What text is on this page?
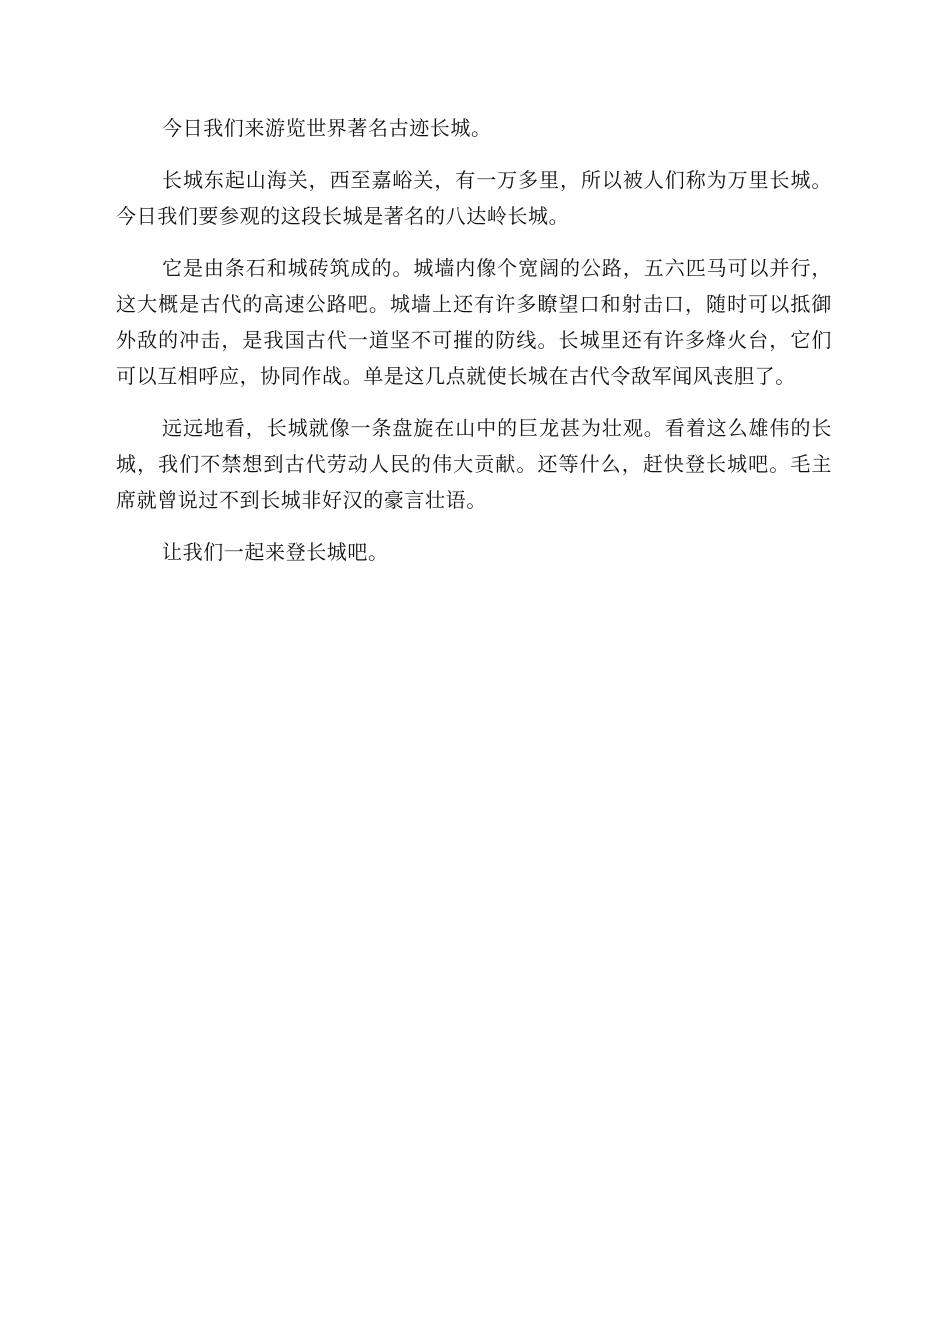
今日我们来游览世界著名古迹长城。

长城东起山海关，西至嘉峪关，有一万多里，所以被人们称为万里长城。今日我们要参观的这段长城是著名的八达岭长城。

它是由条石和城砖筑成的。城墙内像个宽阔的公路，五六匹马可以并行，这大概是古代的高速公路吧。城墙上还有许多瞭望口和射击口，随时可以抵御外敌的冲击，是我国古代一道坚不可摧的防线。长城里还有许多烽火台，它们可以互相呼应，协同作战。单是这几点就使长城在古代令敌军闻风丧胆了。

远远地看，长城就像一条盘旋在山中的巨龙甚为壮观。看着这么雄伟的长城，我们不禁想到古代劳动人民的伟大贡献。还等什么，赶快登长城吧。毛主席就曾说过不到长城非好汉的豪言壮语。

让我们一起来登长城吧。
